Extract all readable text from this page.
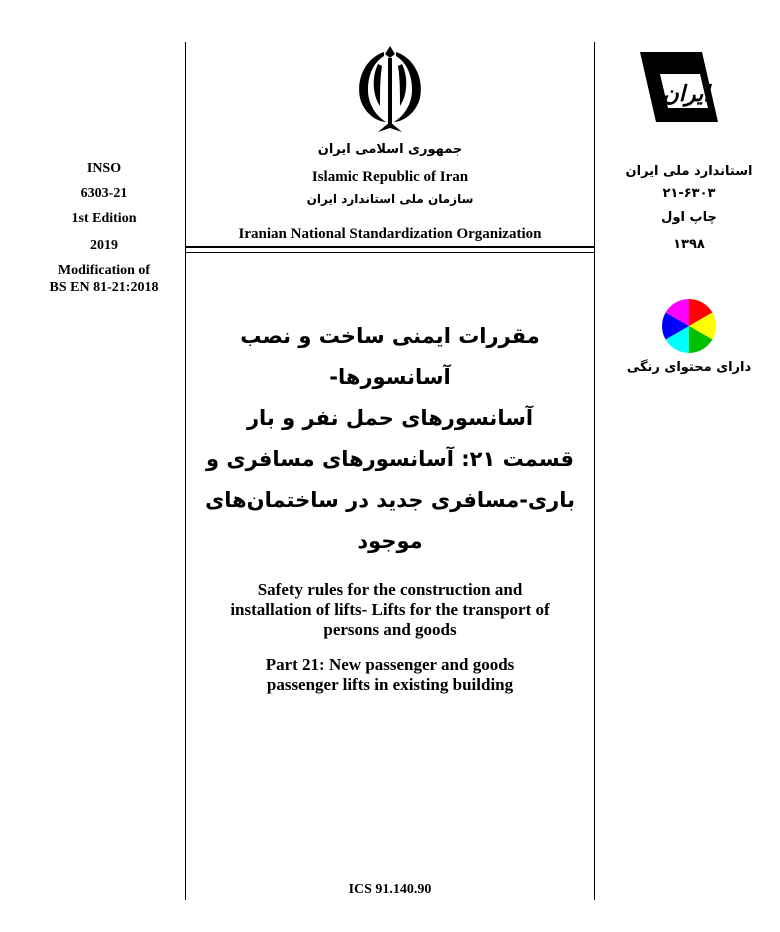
INSO
6303-21
1st Edition
2019
Modification of
BS EN 81-21:2018
جمهوری اسلامی ایران
Islamic Republic of Iran
سازمان ملی استاندارد ایران
Iranian National Standardization Organization
ايران
استاندارد ملی ایران
۲۱-۶۳۰۳
چاپ اول
۱۳۹۸
دارای محتوای رنگی
مقررات ایمنی ساخت و نصب آسانسورها-
آسانسورهای حمل نفر و بار
قسمت ۲۱: آسانسورهای مسافری و
باری-مسافری جدید در ساختمان‌های
موجود
Safety rules for the construction and
installation of lifts- Lifts for the transport of
persons and goods
Part 21: New passenger and goods
passenger lifts in existing building
ICS 91.140.90
